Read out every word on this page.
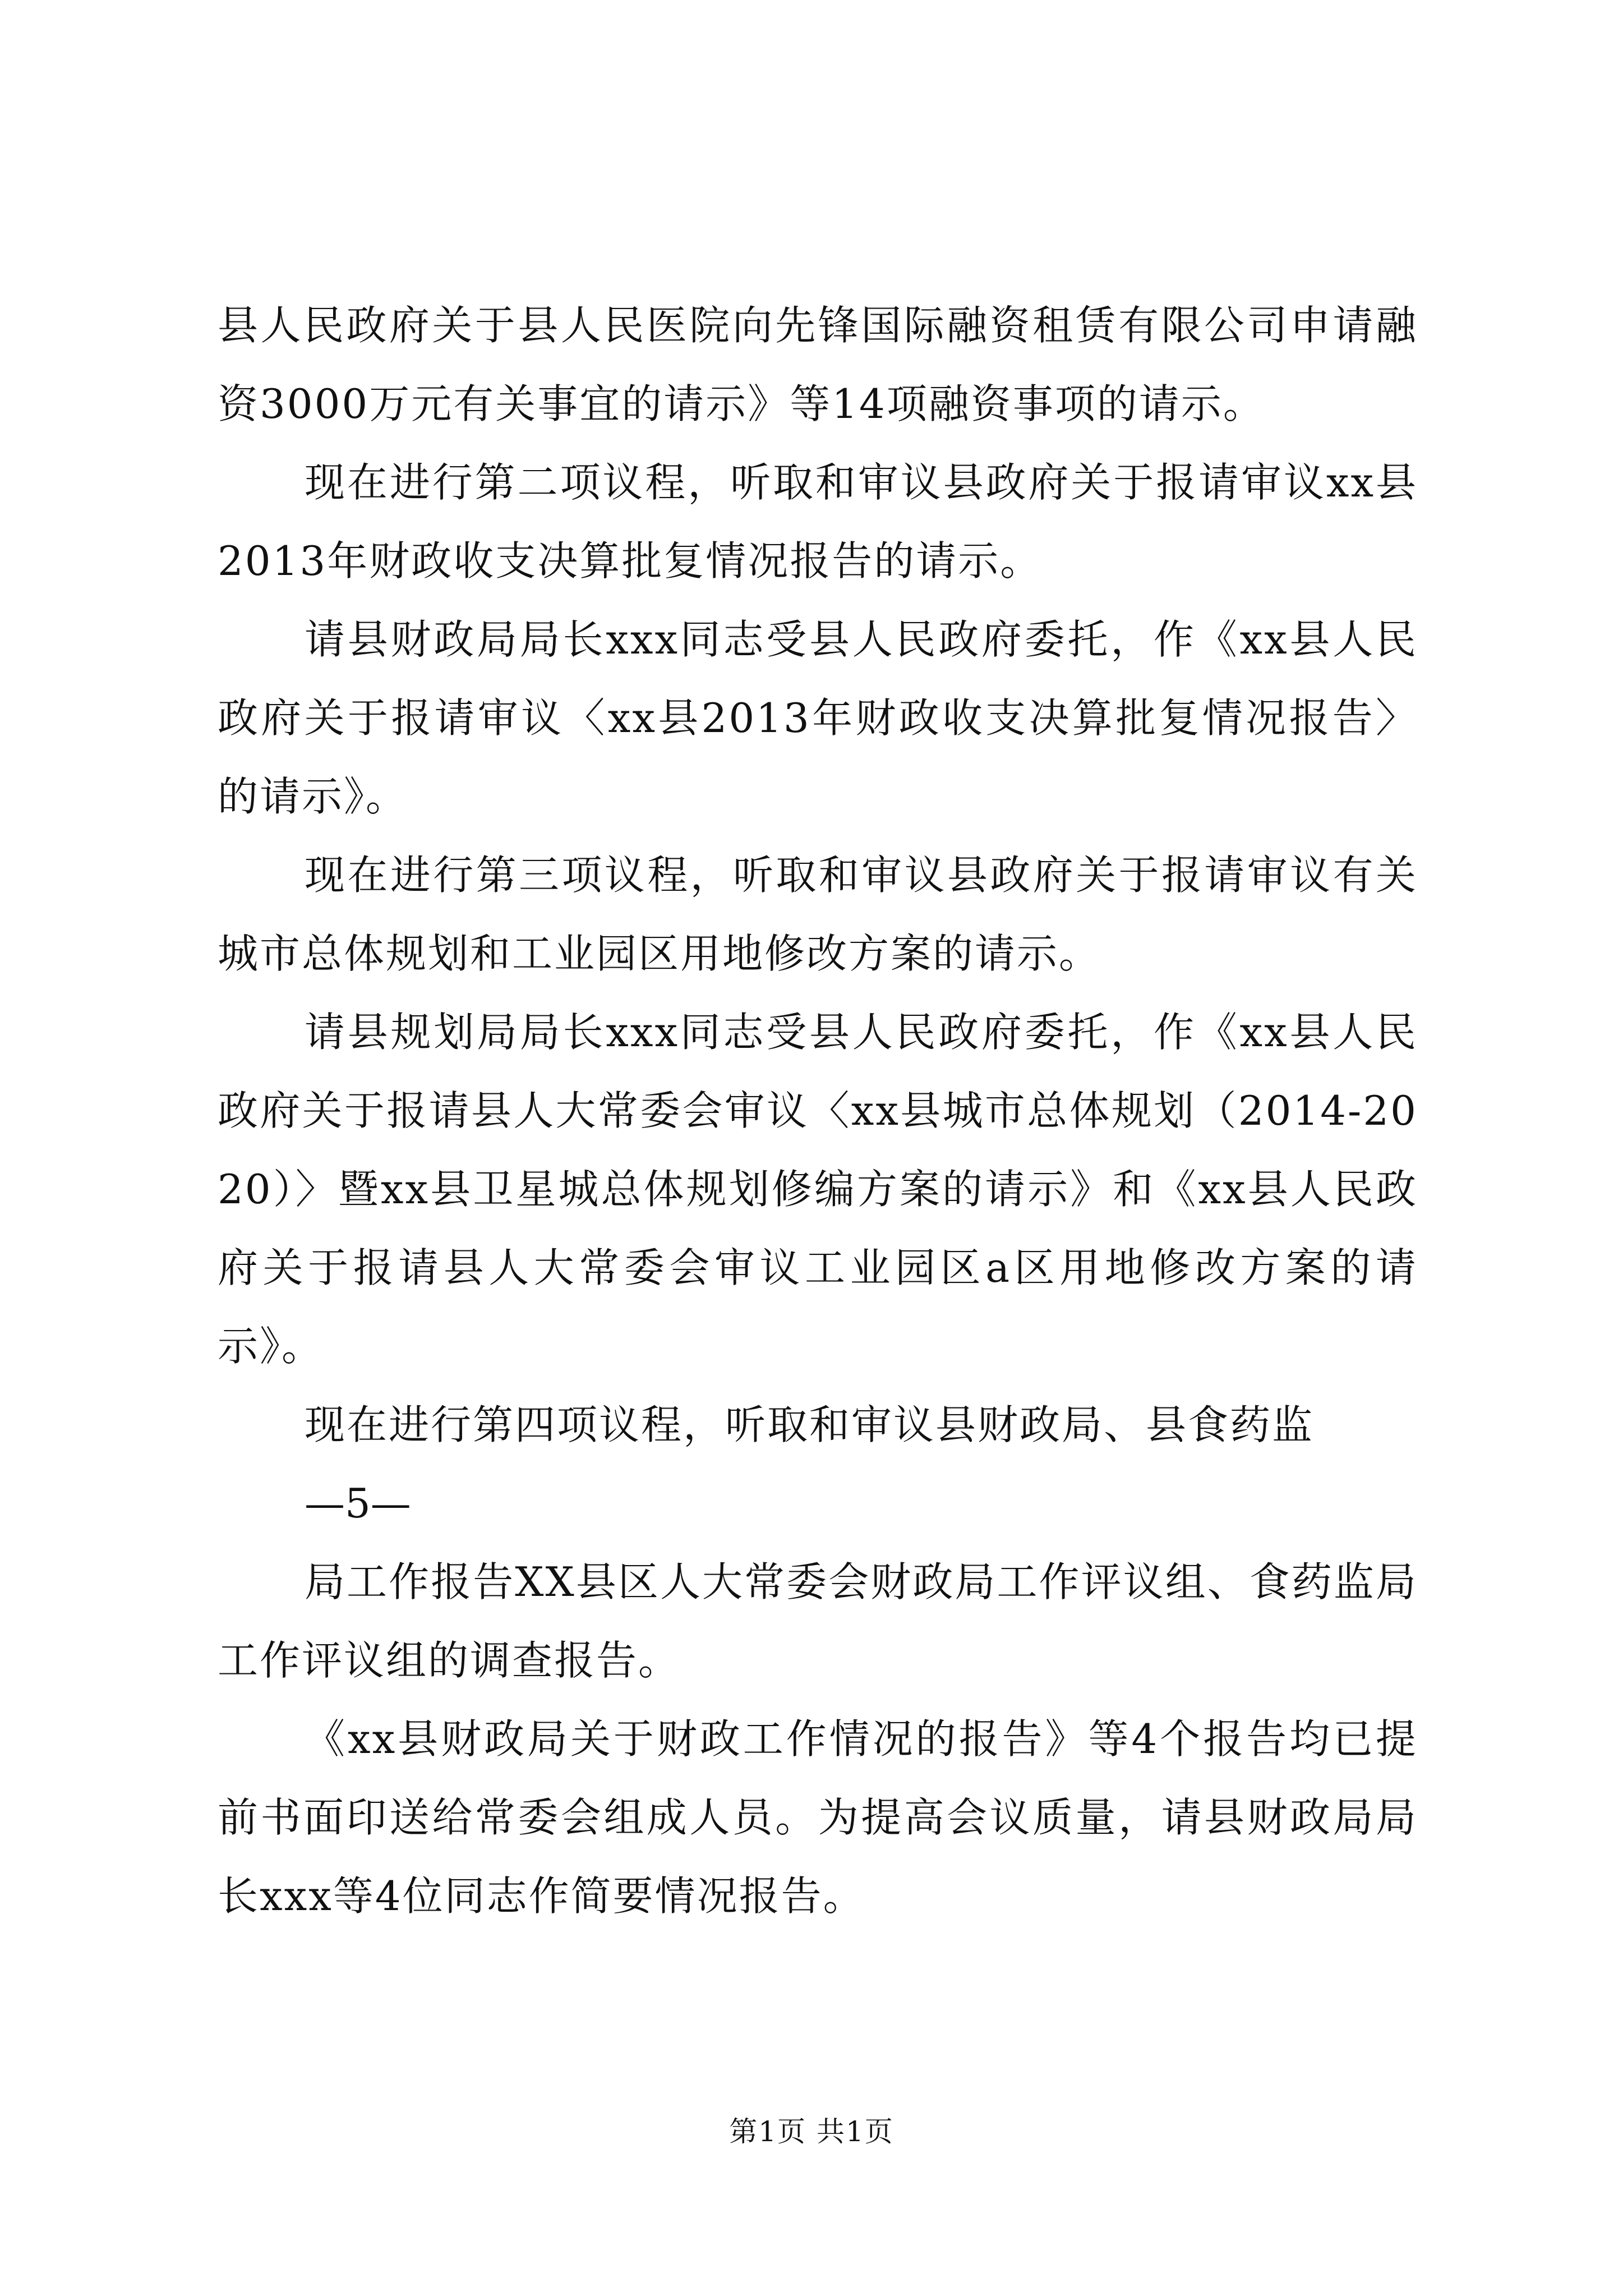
县人民政府关于县人民医院向先锋国际融资租赁有限公司申请融资3000万元有关事宜的请示》等14项融资事项的请示。

现在进行第二项议程，听取和审议县政府关于报请审议xx县2013年财政收支决算批复情况报告的请示。

请县财政局局长xxx同志受县人民政府委托，作《xx县人民政府关于报请审议〈xx县2013年财政收支决算批复情况报告〉的请示》。

现在进行第三项议程，听取和审议县政府关于报请审议有关城市总体规划和工业园区用地修改方案的请示。

请县规划局局长xxx同志受县人民政府委托，作《xx县人民政府关于报请县人大常委会审议〈xx县城市总体规划（2014-2020）〉暨xx县卫星城总体规划修编方案的请示》和《xx县人民政府关于报请县人大常委会审议工业园区a区用地修改方案的请示》。

现在进行第四项议程，听取和审议县财政局、县食药监

—5—

局工作报告XX县区人大常委会财政局工作评议组、食药监局工作评议组的调查报告。

《xx县财政局关于财政工作情况的报告》等4个报告均已提前书面印送给常委会组成人员。为提高会议质量，请县财政局局长xxx等4位同志作简要情况报告。

第1页 共1页
